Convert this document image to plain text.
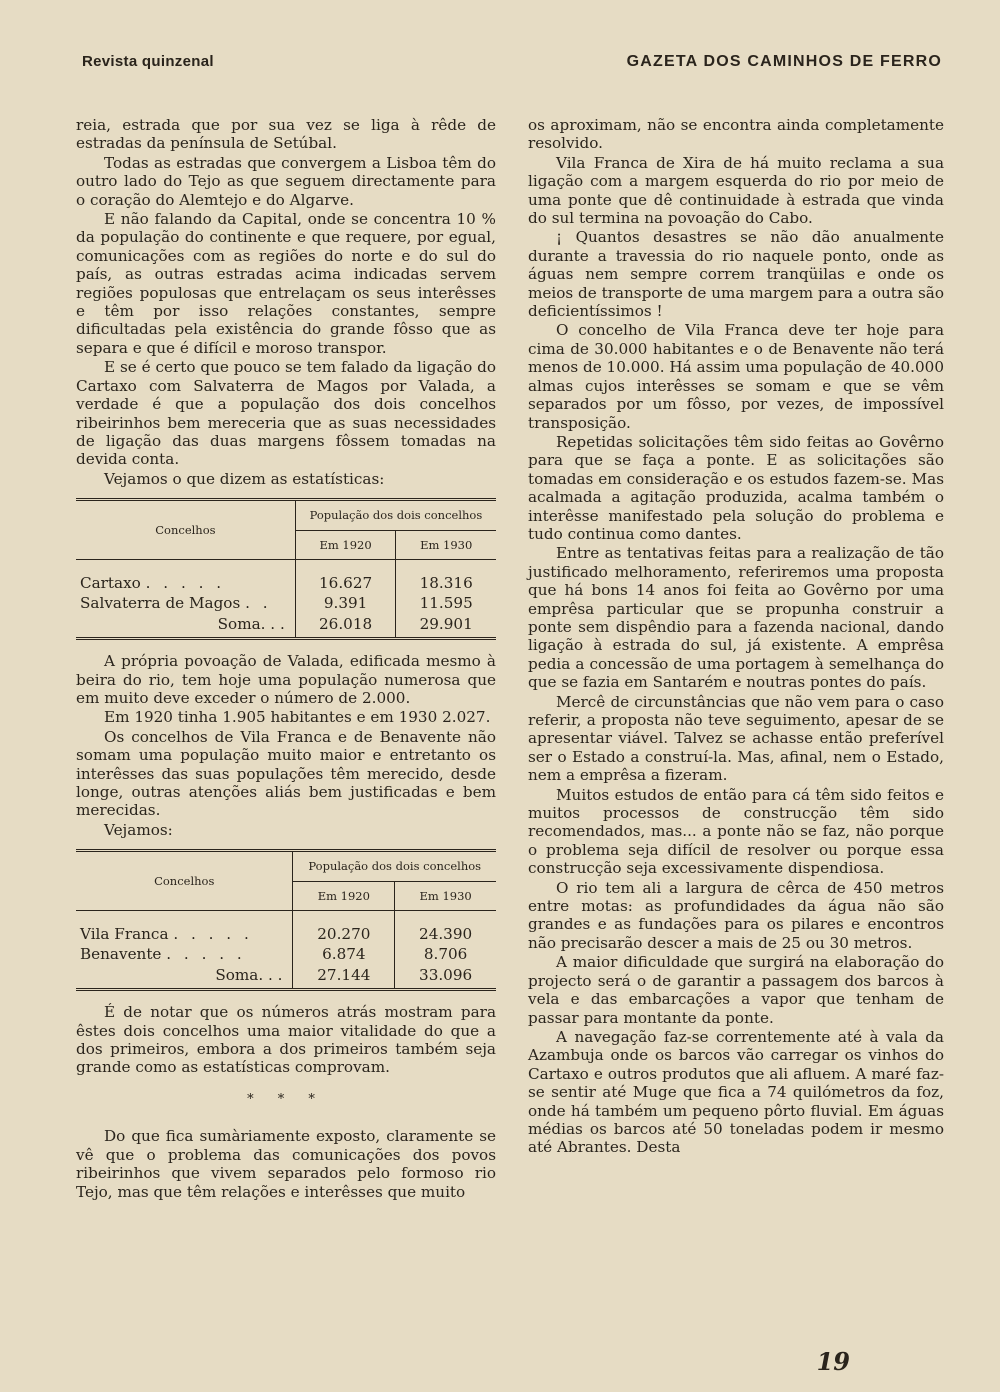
Revista quinzenal	GAZETA DOS CAMINHOS DE FERRO

reia, estrada que por sua vez se liga à rêde de estradas da península de Setúbal.

Todas as estradas que convergem a Lisboa têm do outro lado do Tejo as que seguem directamente para o coração do Alemtejo e do Algarve.

E não falando da Capital, onde se concentra 10 % da população do continente e que requere, por egual, comunicações com as regiões do norte e do sul do país, as outras estradas acima indicadas servem regiões populosas que entrelaçam os seus interêsses e têm por isso relações constantes, sempre dificultadas pela existência do grande fôsso que as separa e que é difícil e moroso transpor.

E se é certo que pouco se tem falado da ligação do Cartaxo com Salvaterra de Magos por Valada, a verdade é que a população dos dois concelhos ribeirinhos bem mereceria que as suas necessidades de ligação das duas margens fôssem tomadas na devida conta.

Vejamos o que dizem as estatísticas:

Concelhos	População dos dois concelhos	
	Em 1920	Em 1930
Cartaxo . . . . .	16.627	18.316
Salvaterra de Magos . .	9.391	11.595
Soma. . .	26.018	29.901

A própria povoação de Valada, edificada mesmo à beira do rio, tem hoje uma população numerosa que em muito deve exceder o número de 2.000.

Em 1920 tinha 1.905 habitantes e em 1930 2.027.

Os concelhos de Vila Franca e de Benavente não somam uma população muito maior e entretanto os interêsses das suas populações têm merecido, desde longe, outras atenções aliás bem justificadas e bem merecidas.

Vejamos:

Concelhos	População dos dois concelhos	
	Em 1920	Em 1930
Vila Franca . . . . .	20.270	24.390
Benavente . . . . .	6.874	8.706
Soma. . .	27.144	33.096

É de notar que os números atrás mostram para êstes dois concelhos uma maior vitalidade do que a dos primeiros, embora a dos primeiros também seja grande como as estatísticas comprovam.

* * *

Do que fica sumàriamente exposto, claramente se vê que o problema das comunicações dos povos ribeirinhos que vivem separados pelo formoso rio Tejo, mas que têm relações e interêsses que muito

os aproximam, não se encontra ainda completamente resolvido.

Vila Franca de Xira de há muito reclama a sua ligação com a margem esquerda do rio por meio de uma ponte que dê continuidade à estrada que vinda do sul termina na povoação do Cabo.

¡ Quantos desastres se não dão anualmente durante a travessia do rio naquele ponto, onde as águas nem sempre correm tranqüilas e onde os meios de transporte de uma margem para a outra são deficientíssimos !

O concelho de Vila Franca deve ter hoje para cima de 30.000 habitantes e o de Benavente não terá menos de 10.000. Há assim uma população de 40.000 almas cujos interêsses se somam e que se vêm separados por um fôsso, por vezes, de impossível transposição.

Repetidas solicitações têm sido feitas ao Govêrno para que se faça a ponte. E as solicitações são tomadas em consideração e os estudos fazem-se. Mas acalmada a agitação produzida, acalma também o interêsse manifestado pela solução do problema e tudo continua como dantes.

Entre as tentativas feitas para a realização de tão justificado melhoramento, referiremos uma proposta que há bons 14 anos foi feita ao Govêrno por uma emprêsa particular que se propunha construir a ponte sem dispêndio para a fazenda nacional, dando ligação à estrada do sul, já existente. A emprêsa pedia a concessão de uma portagem à semelhança do que se fazia em Santarém e noutras pontes do país.

Mercê de circunstâncias que não vem para o caso referir, a proposta não teve seguimento, apesar de se apresentar viável. Talvez se achasse então preferível ser o Estado a construí-la. Mas, afinal, nem o Estado, nem a emprêsa a fizeram.

Muitos estudos de então para cá têm sido feitos e muitos processos de construcção têm sido recomendados, mas... a ponte não se faz, não porque o problema seja difícil de resolver ou porque essa construcção seja excessivamente dispendiosa.

O rio tem ali a largura de cêrca de 450 metros entre motas: as profundidades da água não são grandes e as fundações para os pilares e encontros não precisarão descer a mais de 25 ou 30 metros.

A maior dificuldade que surgirá na elaboração do projecto será o de garantir a passagem dos barcos à vela e das embarcações a vapor que tenham de passar para montante da ponte.

A navegação faz-se correntemente até à vala da Azambuja onde os barcos vão carregar os vinhos do Cartaxo e outros produtos que ali afluem. A maré faz-se sentir até Muge que fica a 74 quilómetros da foz, onde há também um pequeno pôrto fluvial. Em águas médias os barcos até 50 toneladas podem ir mesmo até Abrantes. Desta

19
